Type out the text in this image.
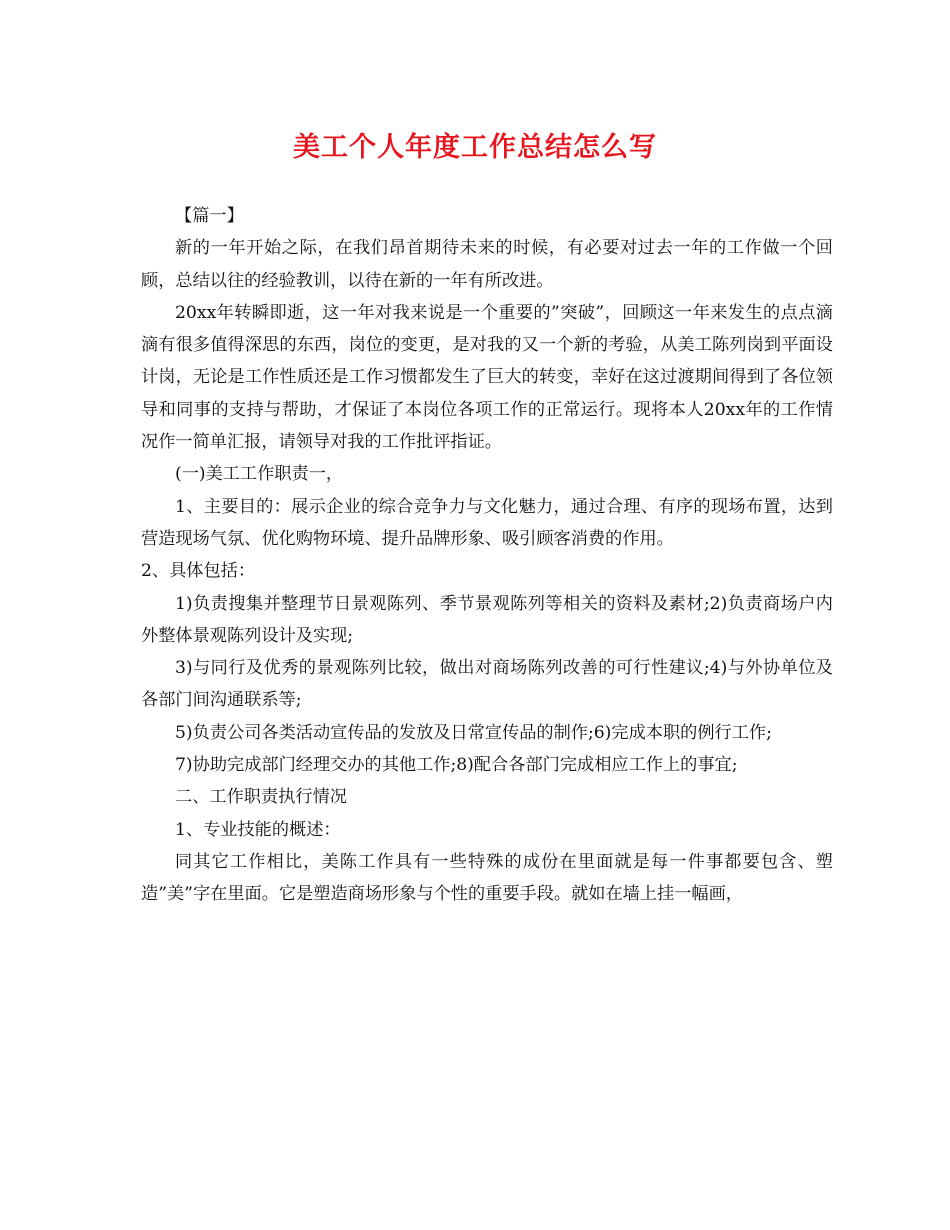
美工个人年度工作总结怎么写

【篇一】

新的一年开始之际，在我们昂首期待未来的时候，有必要对过去一年的工作做一个回顾，总结以往的经验教训，以待在新的一年有所改进。

20xx年转瞬即逝，这一年对我来说是一个重要的”突破”，回顾这一年来发生的点点滴滴有很多值得深思的东西，岗位的变更，是对我的又一个新的考验，从美工陈列岗到平面设计岗，无论是工作性质还是工作习惯都发生了巨大的转变，幸好在这过渡期间得到了各位领导和同事的支持与帮助，才保证了本岗位各项工作的正常运行。现将本人20xx年的工作情况作一简单汇报，请领导对我的工作批评指证。

(一)美工工作职责一，

1、主要目的：展示企业的综合竞争力与文化魅力，通过合理、有序的现场布置，达到营造现场气氛、优化购物环境、提升品牌形象、吸引顾客消费的作用。

2、具体包括：

1)负责搜集并整理节日景观陈列、季节景观陈列等相关的资料及素材;2)负责商场户内外整体景观陈列设计及实现;

3)与同行及优秀的景观陈列比较，做出对商场陈列改善的可行性建议;4)与外协单位及各部门间沟通联系等;

5)负责公司各类活动宣传品的发放及日常宣传品的制作;6)完成本职的例行工作;

7)协助完成部门经理交办的其他工作;8)配合各部门完成相应工作上的事宜;

二、工作职责执行情况

1、专业技能的概述：

同其它工作相比，美陈工作具有一些特殊的成份在里面就是每一件事都要包含、塑造”美”字在里面。它是塑造商场形象与个性的重要手段。就如在墙上挂一幅画，
